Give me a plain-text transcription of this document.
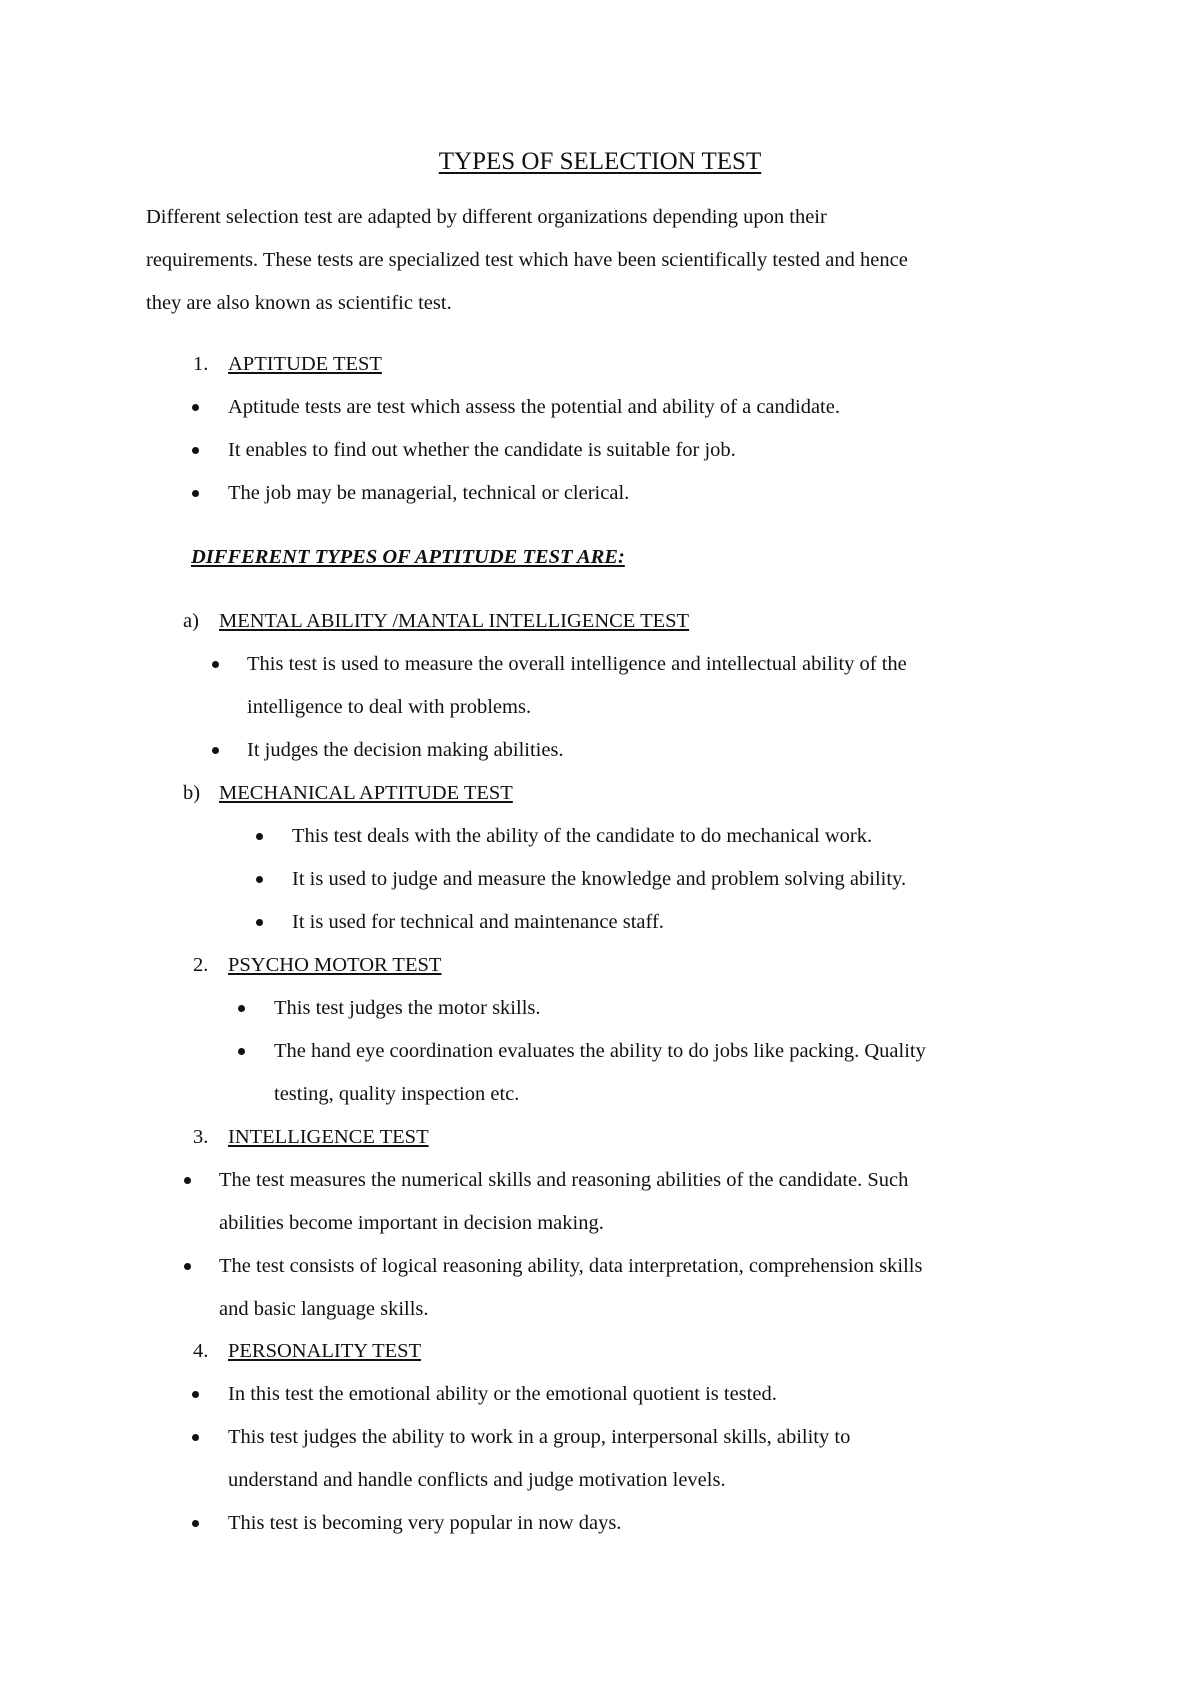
TYPES OF SELECTION TEST
Different selection test are adapted by different organizations depending upon their
requirements. These tests are specialized test which have been scientifically tested and hence
they are also known as scientific test.
1. APTITUDE TEST
Aptitude tests are test which assess the potential and ability of a candidate.
It enables to find out whether the candidate is suitable for job.
The job may be managerial, technical or clerical.
DIFFERENT TYPES OF APTITUDE TEST ARE:
a) MENTAL ABILITY /MANTAL INTELLIGENCE TEST
This test is used to measure the overall intelligence and intellectual ability of the
intelligence to deal with problems.
It judges the decision making abilities.
b) MECHANICAL APTITUDE TEST
This test deals with the ability of the candidate to do mechanical work.
It is used to judge and measure the knowledge and problem solving ability.
It is used for technical and maintenance staff.
2. PSYCHO MOTOR TEST
This test judges the motor skills.
The hand eye coordination evaluates the ability to do jobs like packing. Quality
testing, quality inspection etc.
3. INTELLIGENCE TEST
The test measures the numerical skills and reasoning abilities of the candidate. Such
abilities become important in decision making.
The test consists of logical reasoning ability, data interpretation, comprehension skills
and basic language skills.
4. PERSONALITY TEST
In this test the emotional ability or the emotional quotient is tested.
This test judges the ability to work in a group, interpersonal skills, ability to
understand and handle conflicts and judge motivation levels.
This test is becoming very popular in now days.
